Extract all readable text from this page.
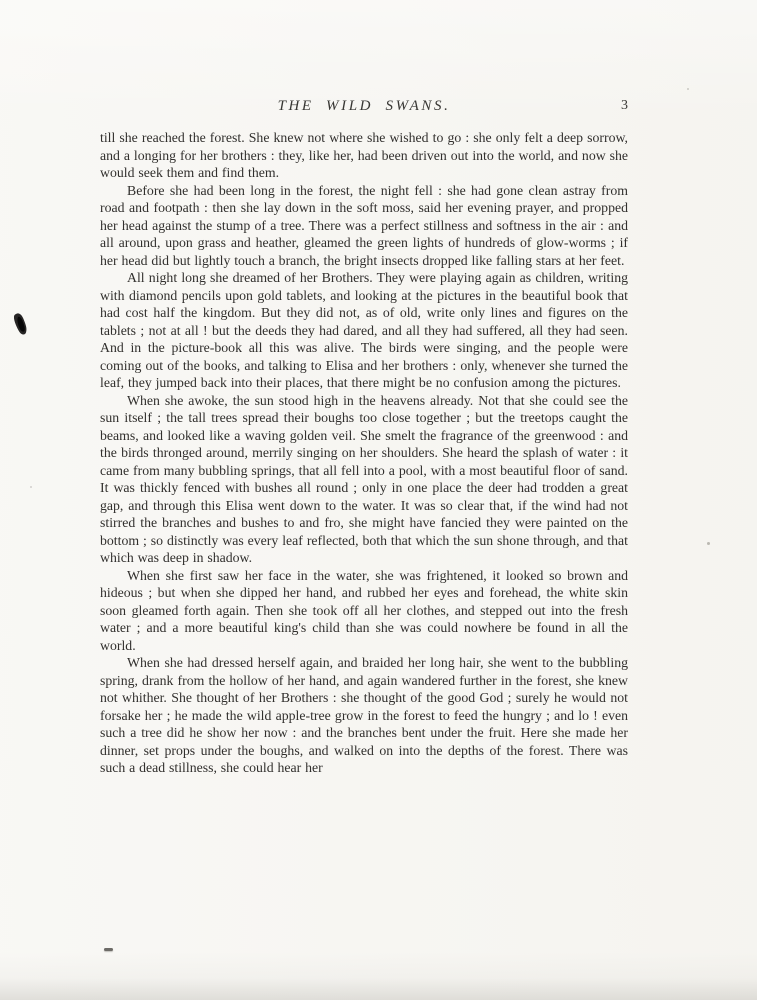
THE WILD SWANS.	3

till she reached the forest. She knew not where she wished to go : she only felt a deep sorrow, and a longing for her brothers : they, like her, had been driven out into the world, and now she would seek them and find them.

Before she had been long in the forest, the night fell : she had gone clean astray from road and footpath : then she lay down in the soft moss, said her evening prayer, and propped her head against the stump of a tree. There was a perfect stillness and softness in the air : and all around, upon grass and heather, gleamed the green lights of hundreds of glow-worms ; if her head did but lightly touch a branch, the bright insects dropped like falling stars at her feet.

All night long she dreamed of her Brothers. They were playing again as children, writing with diamond pencils upon gold tablets, and looking at the pictures in the beautiful book that had cost half the kingdom. But they did not, as of old, write only lines and figures on the tablets ; not at all ! but the deeds they had dared, and all they had suffered, all they had seen. And in the picture-book all this was alive. The birds were singing, and the people were coming out of the books, and talking to Elisa and her brothers : only, whenever she turned the leaf, they jumped back into their places, that there might be no confusion among the pictures.

When she awoke, the sun stood high in the heavens already. Not that she could see the sun itself ; the tall trees spread their boughs too close together ; but the treetops caught the beams, and looked like a waving golden veil. She smelt the fragrance of the greenwood : and the birds thronged around, merrily singing on her shoulders. She heard the splash of water : it came from many bubbling springs, that all fell into a pool, with a most beautiful floor of sand. It was thickly fenced with bushes all round ; only in one place the deer had trodden a great gap, and through this Elisa went down to the water. It was so clear that, if the wind had not stirred the branches and bushes to and fro, she might have fancied they were painted on the bottom ; so distinctly was every leaf reflected, both that which the sun shone through, and that which was deep in shadow.

When she first saw her face in the water, she was frightened, it looked so brown and hideous ; but when she dipped her hand, and rubbed her eyes and forehead, the white skin soon gleamed forth again. Then she took off all her clothes, and stepped out into the fresh water ; and a more beautiful king's child than she was could nowhere be found in all the world.

When she had dressed herself again, and braided her long hair, she went to the bubbling spring, drank from the hollow of her hand, and again wandered further in the forest, she knew not whither. She thought of her Brothers : she thought of the good God ; surely he would not forsake her ; he made the wild apple-tree grow in the forest to feed the hungry ; and lo ! even such a tree did he show her now : and the branches bent under the fruit. Here she made her dinner, set props under the boughs, and walked on into the depths of the forest. There was such a dead stillness, she could hear her
